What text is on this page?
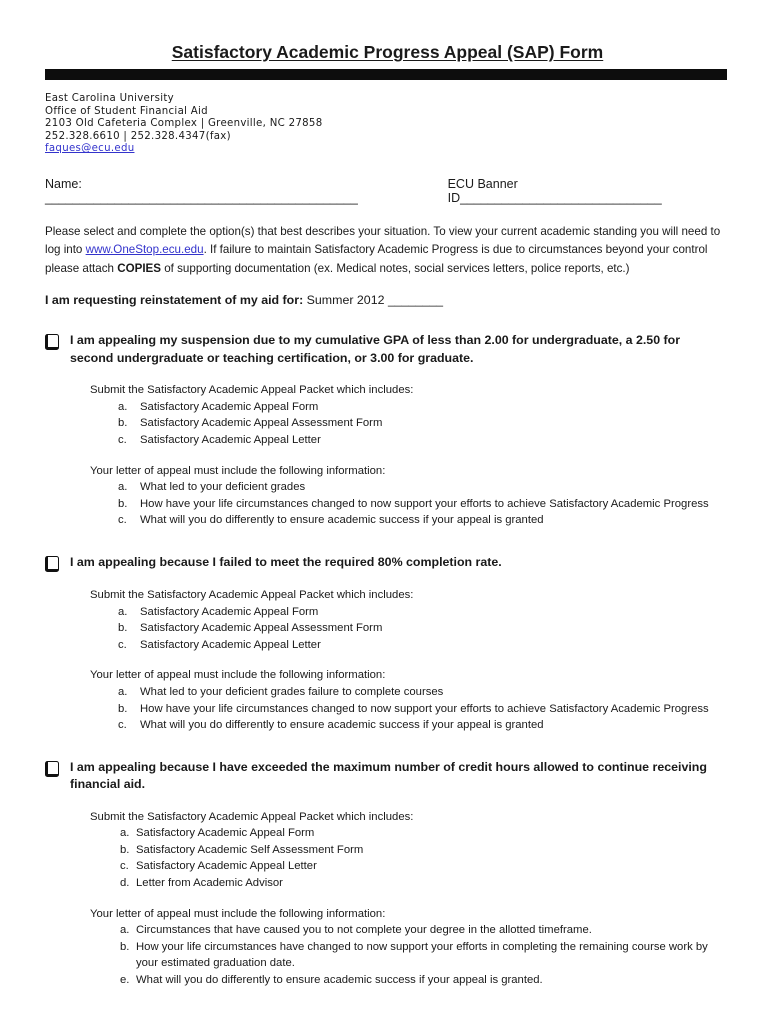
Satisfactory Academic Progress Appeal (SAP) Form
East Carolina University
Office of Student Financial Aid
2103 Old Cafeteria Complex | Greenville, NC 27858
252.328.6610 | 252.328.4347(fax)
faques@ecu.edu
Name: _____________________________________________
ECU Banner ID_____________________________
Please select and complete the option(s) that best describes your situation. To view your current academic standing you will need to log into www.OneStop.ecu.edu. If failure to maintain Satisfactory Academic Progress is due to circumstances beyond your control please attach COPIES of supporting documentation (ex. Medical notes, social services letters, police reports, etc.)
I am requesting reinstatement of my aid for: Summer 2012 ________
I am appealing my suspension due to my cumulative GPA of less than 2.00 for undergraduate, a 2.50 for second undergraduate or teaching certification, or 3.00 for graduate.
Submit the Satisfactory Academic Appeal Packet which includes:
a.	Satisfactory Academic Appeal Form
b.	Satisfactory Academic Appeal Assessment Form
c.	Satisfactory Academic Appeal Letter
Your letter of appeal must include the following information:
a.	What led to your deficient grades
b.	How have your life circumstances changed to now support your efforts to achieve Satisfactory Academic Progress
c.	What will you do differently to ensure academic success if your appeal is granted
I am appealing because I failed to meet the required 80% completion rate.
Submit the Satisfactory Academic Appeal Packet which includes:
a.	Satisfactory Academic Appeal Form
b.	Satisfactory Academic Appeal Assessment Form
c.	Satisfactory Academic Appeal Letter
Your letter of appeal must include the following information:
a.	What led to your deficient grades failure to complete courses
b.	How have your life circumstances changed to now support your efforts to achieve Satisfactory Academic Progress
c.	What will you do differently to ensure academic success if your appeal is granted
I am appealing because I have exceeded the maximum number of credit hours allowed to continue receiving financial aid.
Submit the Satisfactory Academic Appeal Packet which includes:
a. Satisfactory Academic Appeal Form
b. Satisfactory Academic Self Assessment Form
c. Satisfactory Academic Appeal Letter
d. Letter from Academic Advisor
Your letter of appeal must include the following information:
a. Circumstances that have caused you to not complete your degree in the allotted timeframe.
b. How your life circumstances have changed to now support your efforts in completing the remaining course work by your estimated graduation date.
e. What will you do differently to ensure academic success if your appeal is granted.
